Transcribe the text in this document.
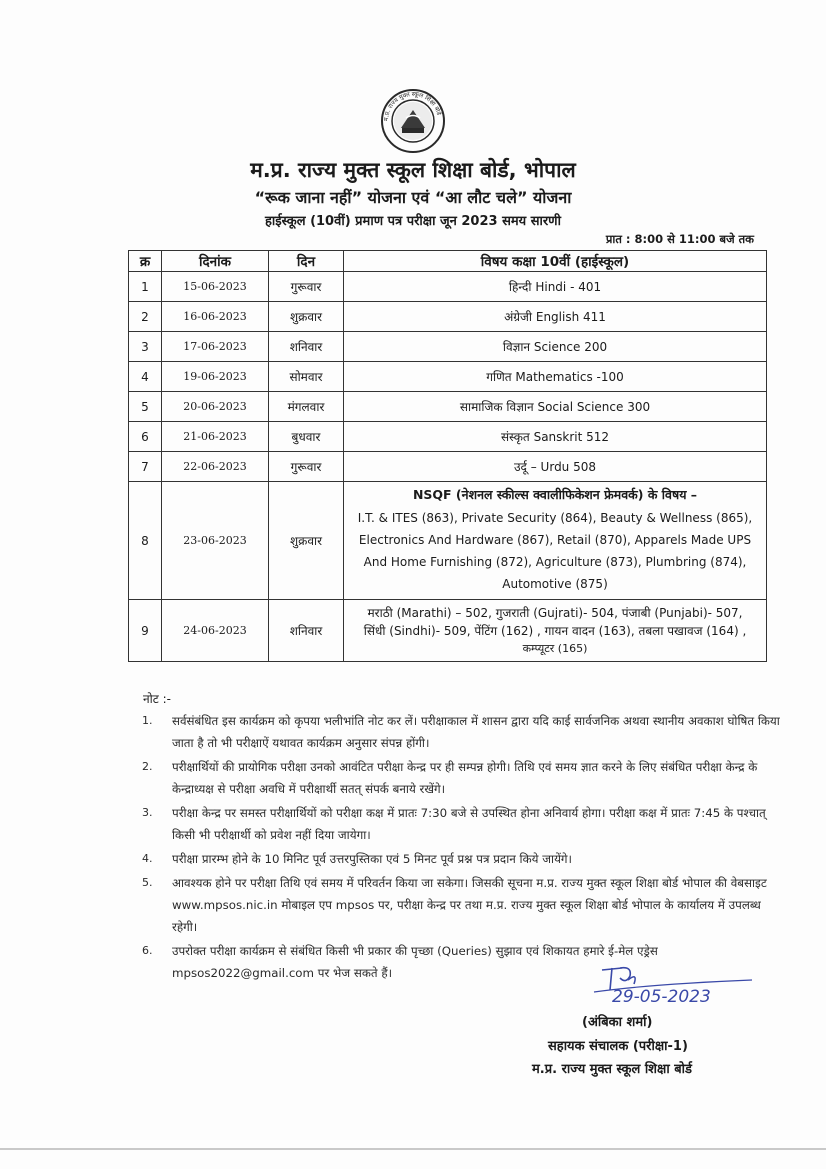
म.प्र. राज्य मुक्त स्कूल शिक्षा बोर्ड
म.प्र. राज्य मुक्त स्कूल शिक्षा बोर्ड, भोपाल
“रूक जाना नहीं” योजना एवं “आ लौट चले” योजना
हाईस्कूल (10वीं) प्रमाण पत्र परीक्षा जून 2023 समय सारणी
प्रात : 8:00 से 11:00 बजे तक
क्र	दिनांक	दिन	विषय कक्षा 10वीं (हाईस्कूल)
1	15-06-2023	गुरूवार	हिन्दी Hindi - 401
2	16-06-2023	शुक्रवार	अंग्रेजी English 411
3	17-06-2023	शनिवार	विज्ञान Science 200
4	19-06-2023	सोमवार	गणित Mathematics -100
5	20-06-2023	मंगलवार	सामाजिक विज्ञान Social Science 300
6	21-06-2023	बुधवार	संस्कृत Sanskrit 512
7	22-06-2023	गुरूवार	उर्दू – Urdu 508
8	23-06-2023	शुक्रवार	NSQF (नेशनल स्कील्स क्वालीफिकेशन फ्रेमवर्क) के विषय –
I.T. & ITES (863), Private Security (864), Beauty & Wellness (865),
Electronics And Hardware (867), Retail (870), Apparels Made UPS
And Home Furnishing (872), Agriculture (873), Plumbring (874),
Automotive (875)

9	24-06-2023	शनिवार	मराठी (Marathi) – 502, गुजराती (Gujrati)- 504, पंजाबी (Punjabi)- 507,
सिंधी (Sindhi)- 509, पेंटिंग (162) , गायन वादन (163), तबला पखावज (164) ,
कम्प्यूटर (165)
नोट :-
1. सर्वसंबंधित इस कार्यक्रम को कृपया भलीभांति नोट कर लें। परीक्षाकाल में शासन द्वारा यदि काई सार्वजनिक अथवा स्थानीय अवकाश घोषित किया जाता है तो भी परीक्षाऐं यथावत कार्यक्रम अनुसार संपन्न होंगी।
2. परीक्षार्थियों की प्रायोगिक परीक्षा उनको आवंटित परीक्षा केन्द्र पर ही सम्पन्न होगी। तिथि एवं समय ज्ञात करने के लिए संबंधित परीक्षा केन्द्र के केन्द्राध्यक्ष से परीक्षा अवधि में परीक्षार्थी सतत् संपर्क बनाये रखेंगे।
3. परीक्षा केन्द्र पर समस्त परीक्षार्थियों को परीक्षा कक्ष में प्रातः 7:30 बजे से उपस्थित होना अनिवार्य होगा। परीक्षा कक्ष में प्रातः 7:45 के पश्चात् किसी भी परीक्षार्थी को प्रवेश नहीं दिया जायेगा।
4. परीक्षा प्रारम्भ होने के 10 मिनिट पूर्व उत्तरपुस्तिका एवं 5 मिनट पूर्व प्रश्न पत्र प्रदान किये जायेंगे।
5. आवश्यक होने पर परीक्षा तिथि एवं समय में परिवर्तन किया जा सकेगा। जिसकी सूचना म.प्र. राज्य मुक्त स्कूल शिक्षा बोर्ड भोपाल की वेबसाइट www.mpsos.nic.in मोबाइल एप mpsos पर, परीक्षा केन्द्र पर तथा म.प्र. राज्य मुक्त स्कूल शिक्षा बोर्ड भोपाल के कार्यालय में उपलब्ध रहेगी।
6. उपरोक्त परीक्षा कार्यक्रम से संबंधित किसी भी प्रकार की पृच्छा (Queries) सुझाव एवं शिकायत हमारे ई-मेल एड्रेस mpsos2022@gmail.com पर भेज सकते हैं।
29-05-2023
(अंबिका शर्मा)
सहायक संचालक (परीक्षा-1)
म.प्र. राज्य मुक्त स्कूल शिक्षा बोर्ड
